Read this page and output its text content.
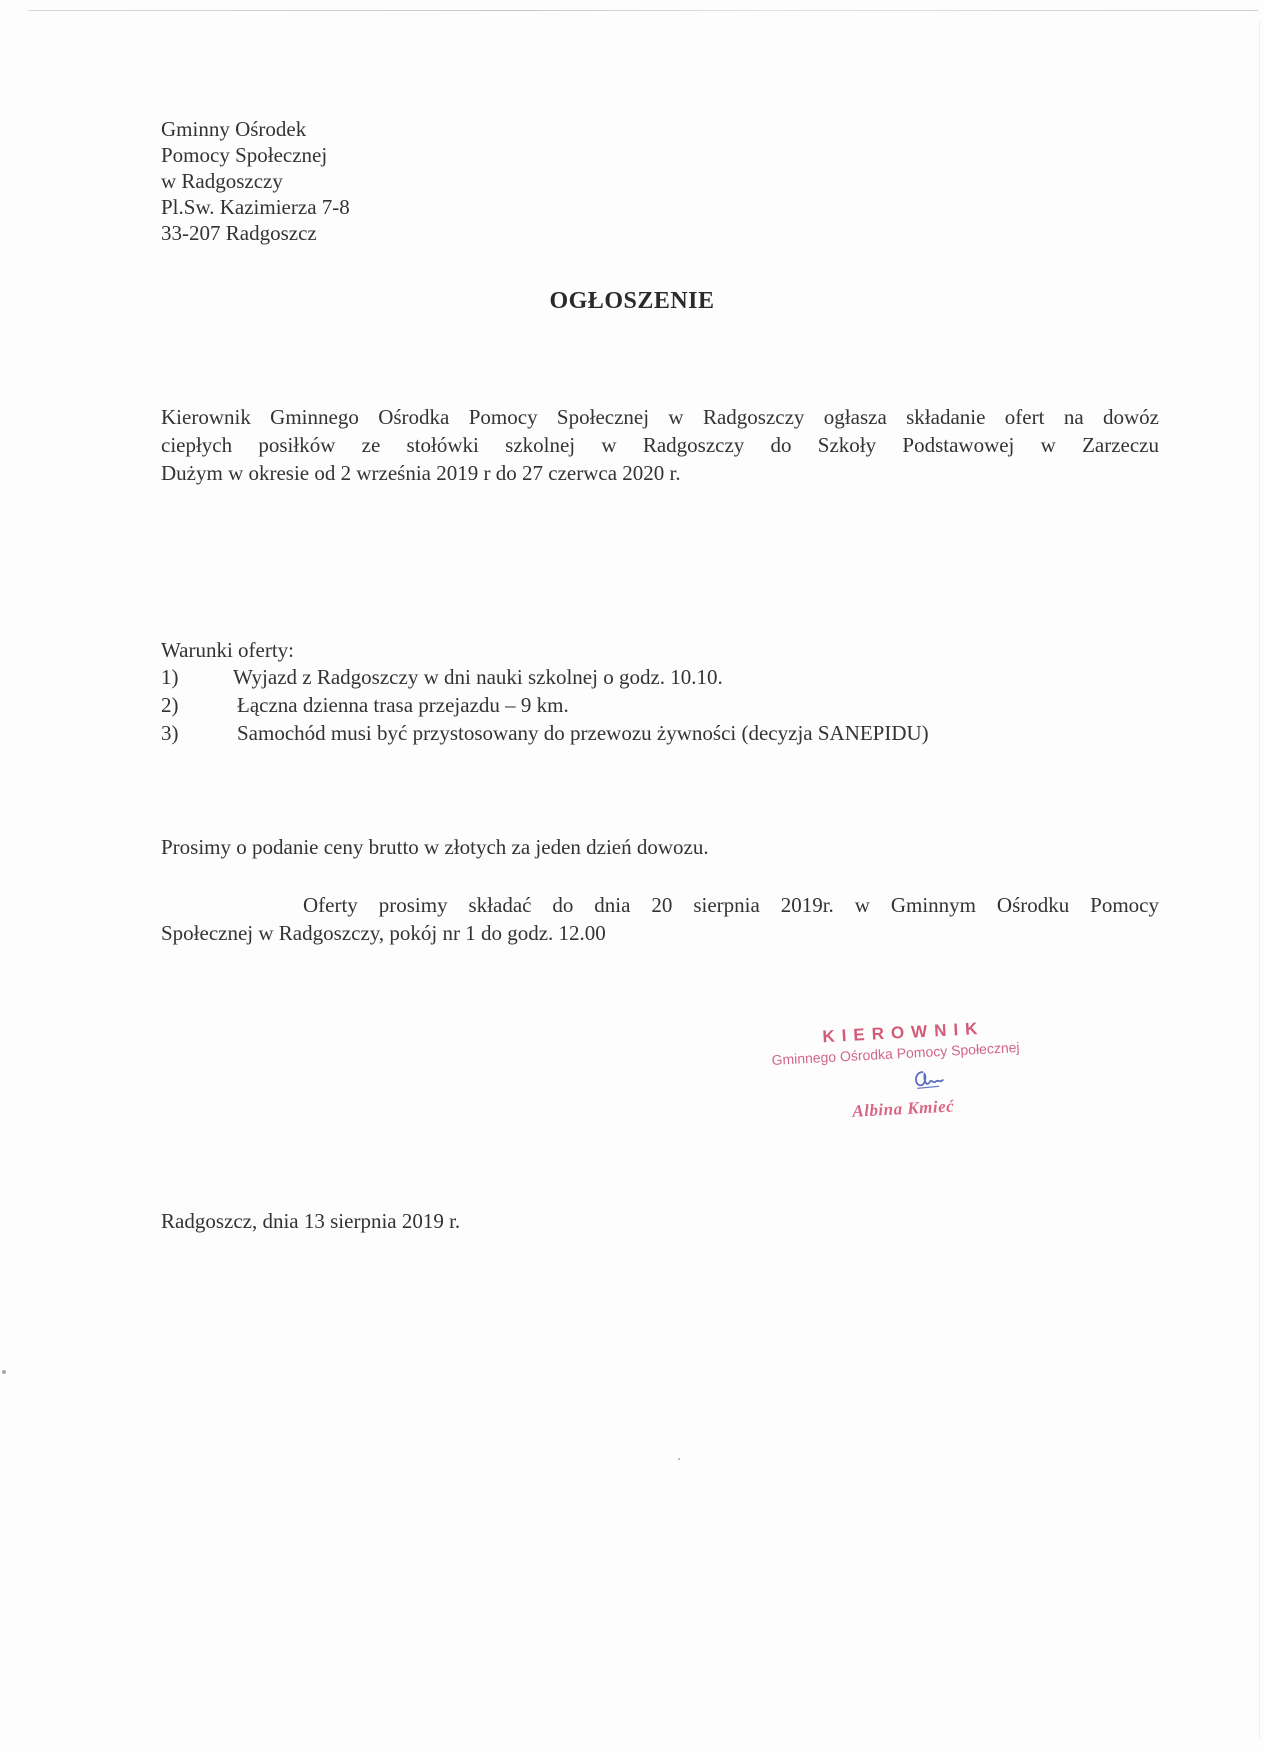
Gminny Ośrodek
Pomocy Społecznej
w Radgoszczy
Pl.Sw. Kazimierza 7-8
33-207 Radgoszcz
OGŁOSZENIE
Kierownik Gminnego Ośrodka Pomocy Społecznej w Radgoszczy ogłasza składanie ofert na dowóz
ciepłych posiłków ze stołówki szkolnej w Radgoszczy do Szkoły Podstawowej w Zarzeczu
Dużym w okresie od 2 września 2019 r do 27 czerwca 2020 r.
Warunki oferty:
1)	Wyjazd z Radgoszczy w dni nauki szkolnej o godz. 10.10.
2)	Łączna dzienna trasa przejazdu – 9 km.
3)	Samochód musi być przystosowany do przewozu żywności (decyzja SANEPIDU)
Prosimy o podanie ceny brutto w złotych za jeden dzień dowozu.
Oferty prosimy składać do dnia 20 sierpnia 2019r. w Gminnym Ośrodku Pomocy
Społecznej w Radgoszczy, pokój nr 1 do godz. 12.00
KIEROWNIK
Gminnego Ośrodka Pomocy Społecznej
Albina Kmieć
Radgoszcz, dnia 13 sierpnia 2019 r.
